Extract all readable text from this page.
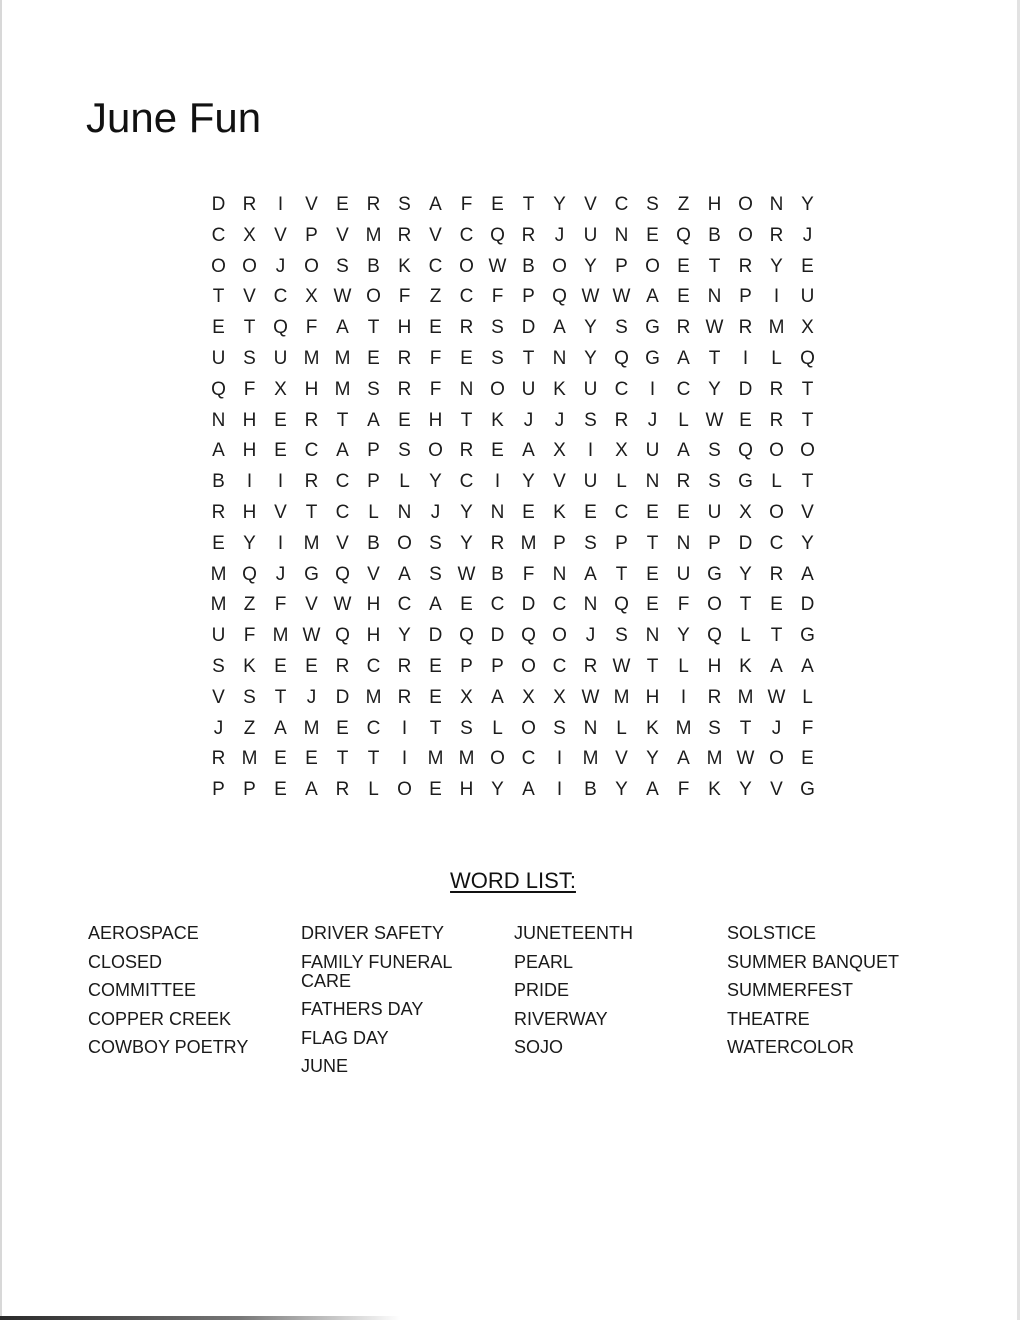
June Fun
D R	I	V E R S A F E T Y V C S Z H O N Y
C X V P V M R V C Q R	J	U N E Q B O R	J
O O J O S B K C O W B O Y P O E T R Y E
T V C X W O F	Z C F P Q W W A E N P	I	U
E T Q F A T H E R S D A Y S G R W R M X
U S U M M E R F E S T N Y Q G A T	I	L Q
Q F X H M S R F N O U K U C	I	C Y D R T
N H E R T A E H T K	J	J	S R	J	L W E R T
A H E C A P S O R E A X	I	X U A S Q O O
B	I	I	R C P	L	Y C	I	Y V U L N R S G L	T
R H V T C L N	J	Y N E K E C E E U X O V
E Y	I	M V B O S Y R M P S P T N P D C Y
M Q J G Q V A S W B F N A T E U G Y R A
M Z	F V W H C A E C D C N Q E F O T E D
U F M W Q H Y D Q D Q O J	S N Y Q L	T G
S K E E R C R E P P O C R W T	L H K A A
V S T	J	D M R E X A X X W M H	I	R M W L
J	Z A M E C	I	T S	L O S N L	K M S T	J	F
R M E E T	T	I	M M O C	I	M V Y A M W O E
P P E A R L O E H Y A	I	B Y A F K Y V G
WORD LIST:
AEROSPACE
CLOSED
COMMITTEE
COPPER CREEK
COWBOY POETRY
DRIVER SAFETY
FAMILY FUNERAL CARE
FATHERS DAY
FLAG DAY
JUNE
JUNETEENTH
PEARL
PRIDE
RIVERWAY
SOJO
SOLSTICE
SUMMER BANQUET
SUMMERFEST
THEATRE
WATERCOLOR
